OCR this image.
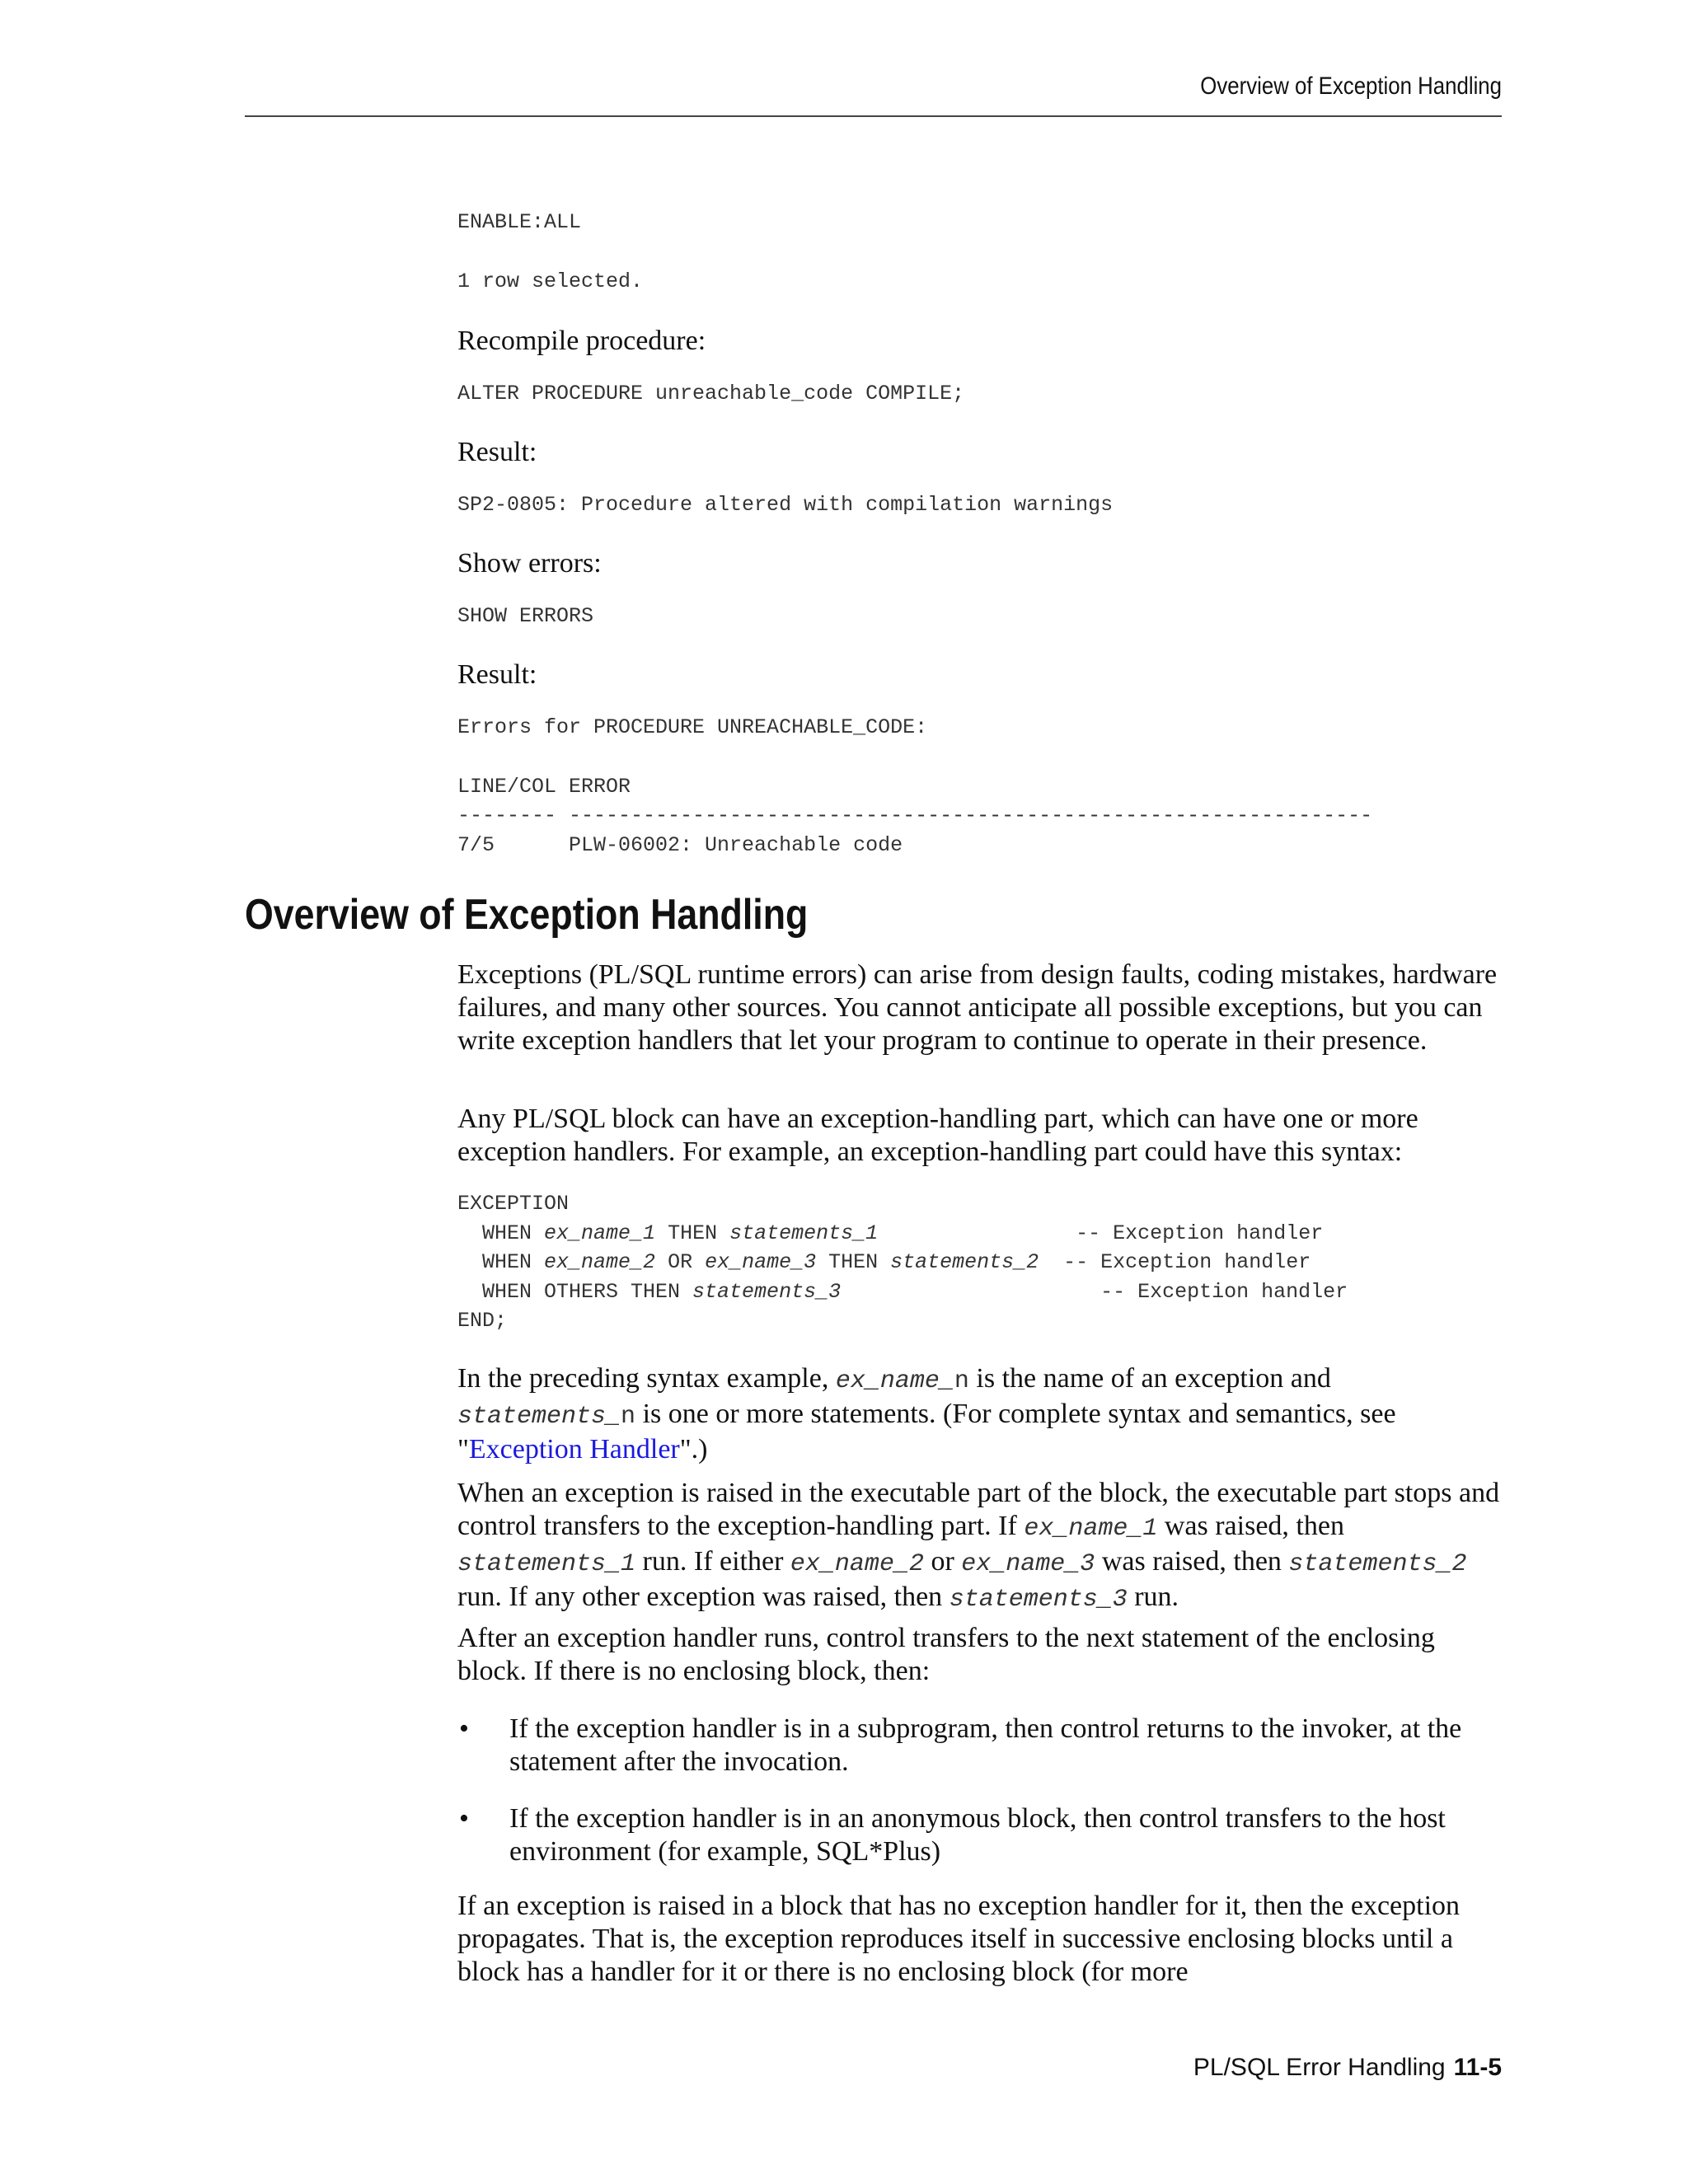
Overview of Exception Handling
ENABLE:ALL
1 row selected.

Recompile procedure:

ALTER PROCEDURE unreachable_code COMPILE;

Result:

SP2-0805: Procedure altered with compilation warnings

Show errors:

SHOW ERRORS

Result:

Errors for PROCEDURE UNREACHABLE_CODE:
LINE/COL ERROR
-------- -----------------------------------------------------------------
7/5      PLW-06002: Unreachable code
Overview of Exception Handling

Exceptions (PL/SQL runtime errors) can arise from design faults, coding mistakes, hardware failures, and many other sources. You cannot anticipate all possible exceptions, but you can write exception handlers that let your program to continue to operate in their presence.

Any PL/SQL block can have an exception-handling part, which can have one or more exception handlers. For example, an exception-handling part could have this syntax:

EXCEPTION
WHEN ex_name_1 THEN statements_1                -- Exception handler
WHEN ex_name_2 OR ex_name_3 THEN statements_2  -- Exception handler
WHEN OTHERS THEN statements_3                     -- Exception handler
END;

In the preceding syntax example, ex_name_n is the name of an exception and statements_n is one or more statements. (For complete syntax and semantics, see "Exception Handler".)

When an exception is raised in the executable part of the block, the executable part stops and control transfers to the exception-handling part. If ex_name_1 was raised, then statements_1 run. If either ex_name_2 or ex_name_3 was raised, then statements_2 run. If any other exception was raised, then statements_3 run.

After an exception handler runs, control transfers to the next statement of the enclosing block. If there is no enclosing block, then:

• If the exception handler is in a subprogram, then control returns to the invoker, at the statement after the invocation.
• If the exception handler is in an anonymous block, then control transfers to the host environment (for example, SQL*Plus)

If an exception is raised in a block that has no exception handler for it, then the exception propagates. That is, the exception reproduces itself in successive enclosing blocks until a block has a handler for it or there is no enclosing block (for more

PL/SQL Error Handling 11-5
